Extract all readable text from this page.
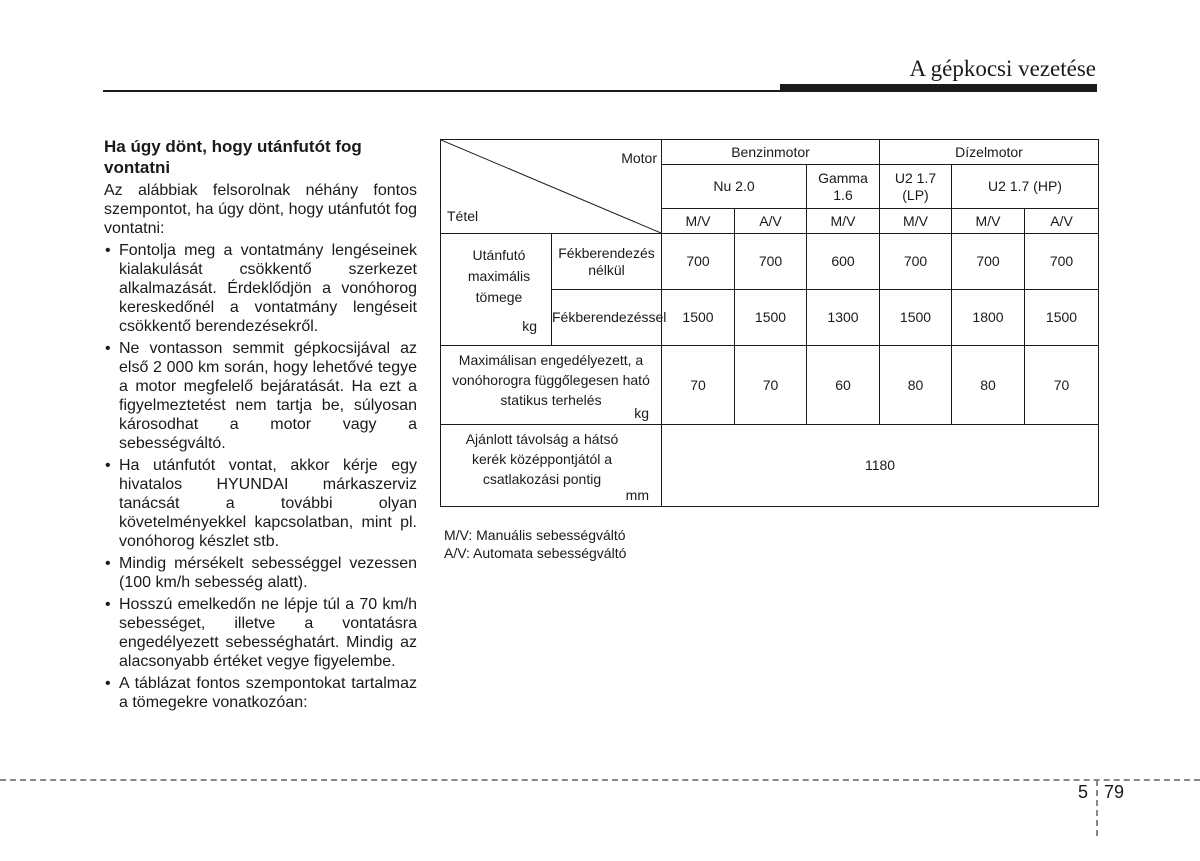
A gépkocsi vezetése
Ha úgy dönt, hogy utánfutót fog vontatni

Az alábbiak felsorolnak néhány fontos szempontot, ha úgy dönt, hogy utánfutót fog vontatni:

• Fontolja meg a vontatmány lengéseinek kialakulását csökkentő szerkezet alkalmazását. Érdeklődjön a vonóhorog kereskedőnél a vontatmány lengéseit csökkentő berendezésekről.
• Ne vontasson semmit gépkocsijával az első 2 000 km során, hogy lehetővé tegye a motor megfelelő bejáratását. Ha ezt a figyelmeztetést nem tartja be, súlyosan károsodhat a motor vagy a sebességváltó.
• Ha utánfutót vontat, akkor kérje egy hivatalos HYUNDAI márkaszerviz tanácsát a további olyan követelményekkel kapcsolatban, mint pl. vonóhorog készlet stb.
• Mindig mérsékelt sebességgel vezessen (100 km/h sebesség alatt).
• Hosszú emelkedőn ne lépje túl a 70 km/h sebességet, illetve a vontatásra engedélyezett sebességhatárt. Mindig az alacsonyabb értéket vegye figyelembe.
• A táblázat fontos szempontokat tartalmaz a tömegekre vonatkozóan:
Motor
Tétel		Benzinmotor			Dízelmotor		
		Nu 2.0		Gamma 1.6	U2 1.7 (LP)	U2 1.7 (HP)	
		M/V	A/V	M/V	M/V	M/V	A/V

Utánfutó maximális tömege
kg	Fékberendezés nélkül	700	700	600	700	700	700
	Fékberendezéssel	1500	1500	1300	1500	1800	1500

Maximálisan engedélyezett, a vonóhorogra függőlegesen ható statikus terhelés
kg		70	70	60	80	80	70

Ajánlott távolság a hátsó kerék középpontjától a csatlakozási pontig
mm		1180					
M/V: Manuális sebességváltó
A/V: Automata sebességváltó
5 79
